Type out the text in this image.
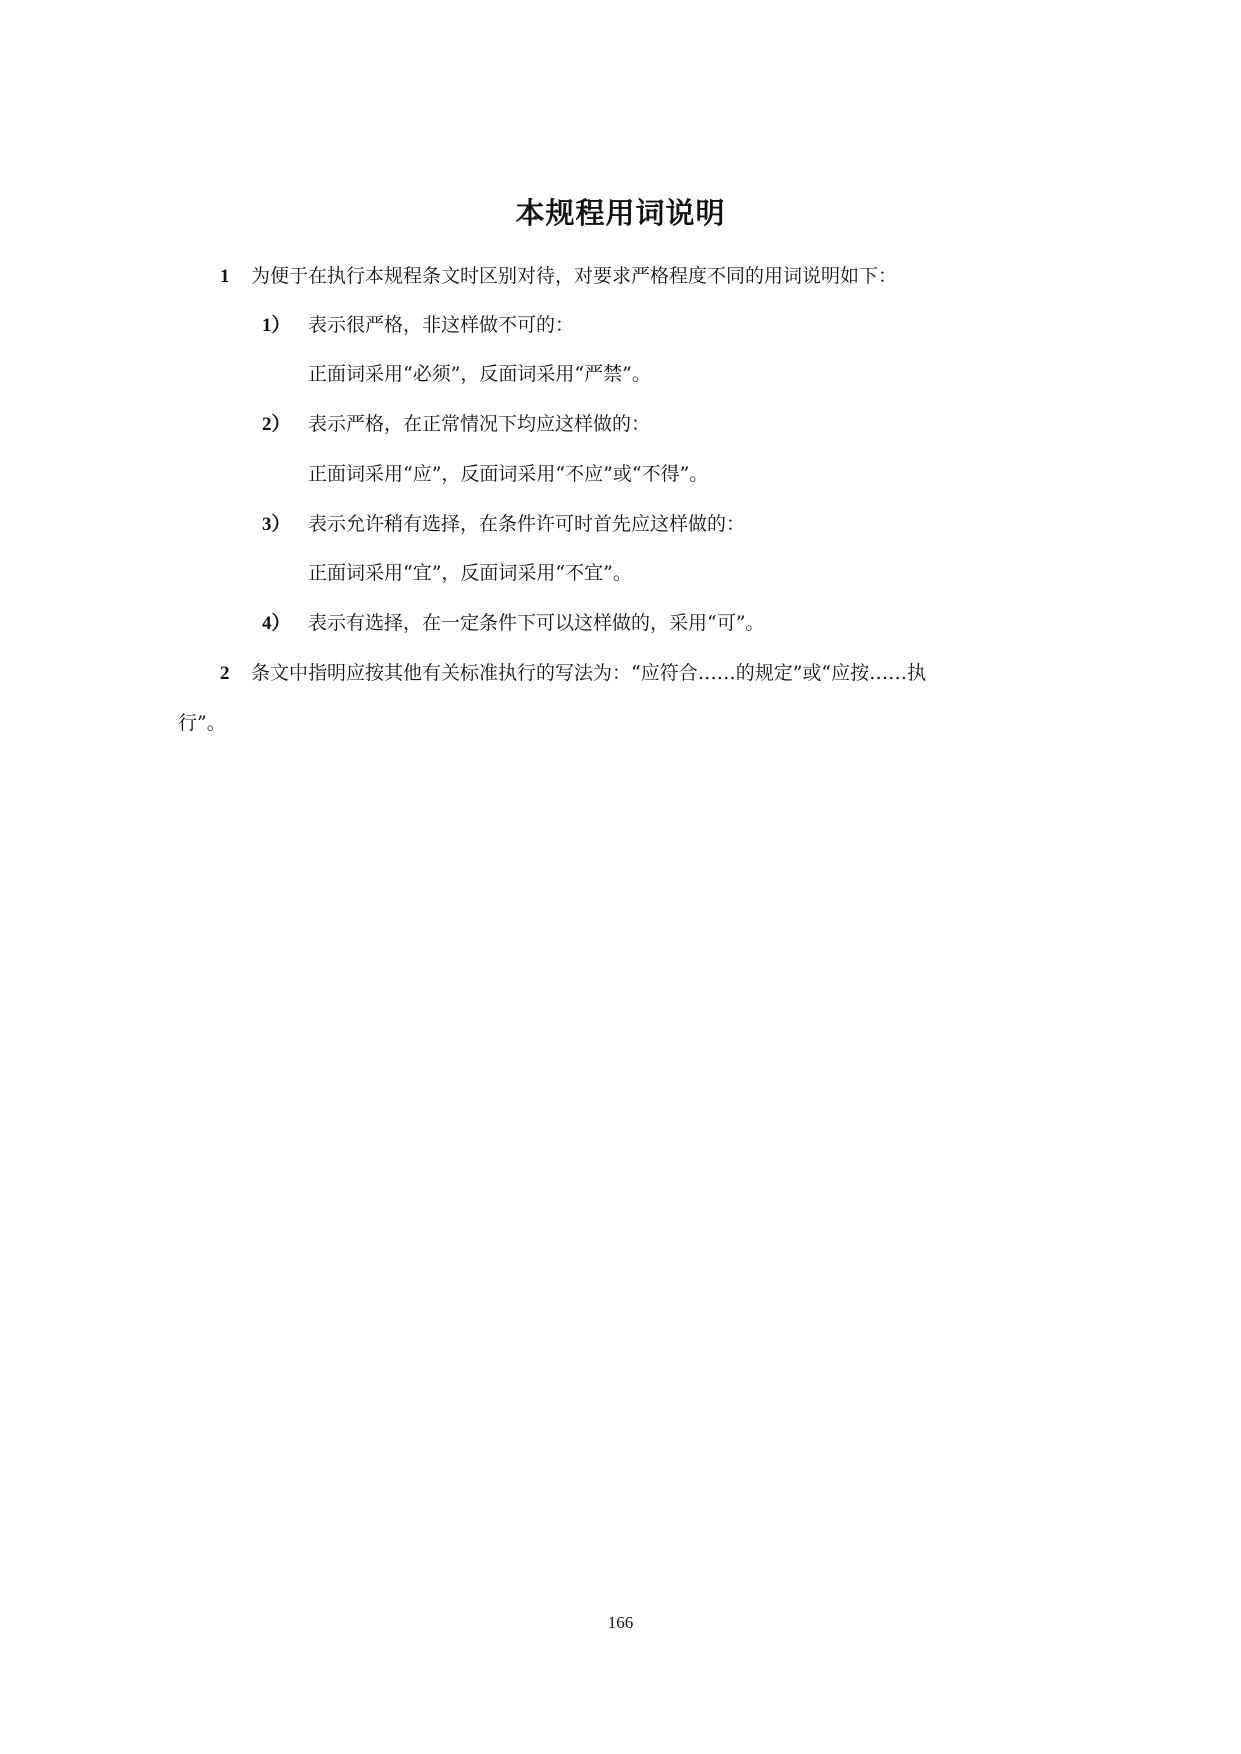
本规程用词说明
1 为便于在执行本规程条文时区别对待，对要求严格程度不同的用词说明如下：
1） 表示很严格，非这样做不可的：
正面词采用“必须”，反面词采用“严禁”。
2） 表示严格，在正常情况下均应这样做的：
正面词采用“应”，反面词采用“不应”或“不得”。
3） 表示允许稍有选择，在条件许可时首先应这样做的：
正面词采用“宜”，反面词采用“不宜”。
4） 表示有选择，在一定条件下可以这样做的，采用“可”。
2 条文中指明应按其他有关标准执行的写法为：“应符合……的规定”或“应按……执
行”。
166
